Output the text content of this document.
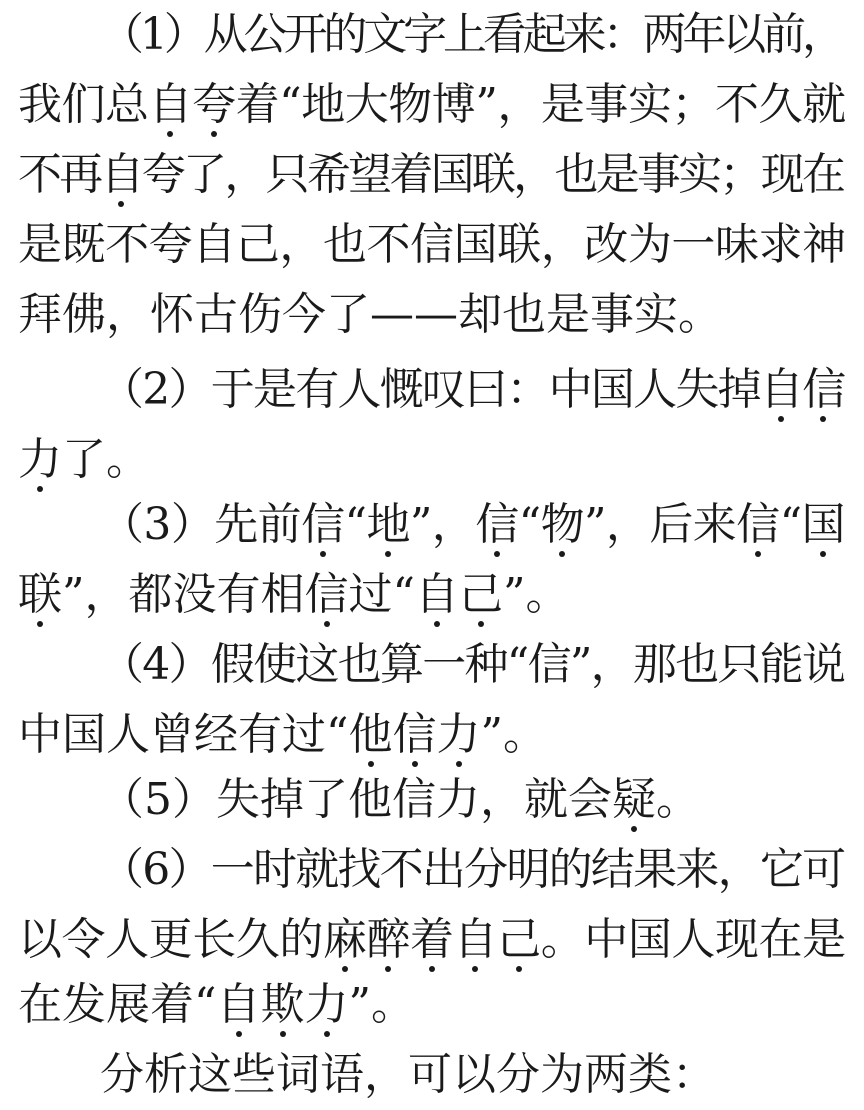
（1）从公开的文字上看起来：两年以前，
我们总自夸着“地大物博”，是事实；不久就
不再自夸了，只希望着国联，也是事实；现在
是既不夸自己，也不信国联，改为一味求神
拜佛，怀古伤今了——却也是事实。
（2）于是有人慨叹曰：中国人失掉自信
力了。
（3）先前信“地”，信“物”，后来信“国
联”，都没有相信过“自己”。
（4）假使这也算一种“信”，那也只能说
中国人曾经有过“他信力”。
（5）失掉了他信力，就会疑。
（6）一时就找不出分明的结果来，它可
以令人更长久的麻醉着自己。中国人现在是
在发展着“自欺力”。
分析这些词语，可以分为两类：
